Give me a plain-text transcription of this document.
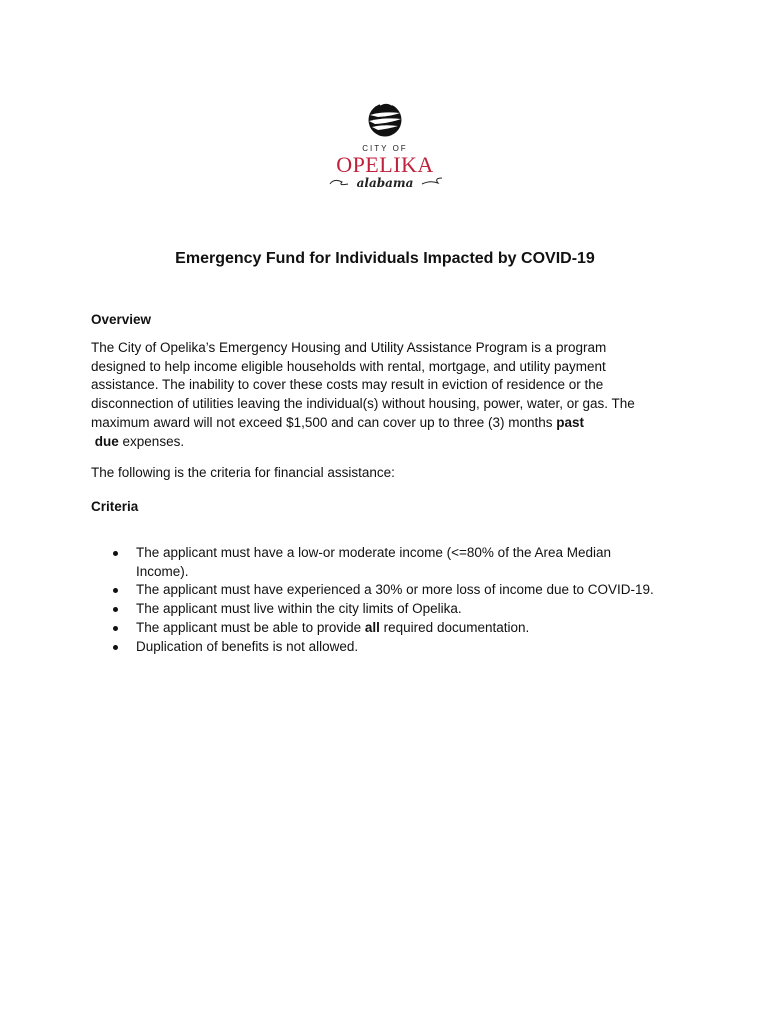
CITY OF
OPELIKA
alabama
Emergency Fund for Individuals Impacted by COVID-19
Overview

The City of Opelika’s Emergency Housing and Utility Assistance Program is a program designed to help income eligible households with rental, mortgage, and utility payment assistance. The inability to cover these costs may result in eviction of residence or the disconnection of utilities leaving the individual(s) without housing, power, water, or gas. The maximum award will not exceed $1,500 and can cover up to three (3) months past
due expenses.

The following is the criteria for financial assistance:

Criteria
The applicant must have a low-or moderate income (<=80% of the Area Median Income).
The applicant must have experienced a 30% or more loss of income due to COVID-19.
The applicant must live within the city limits of Opelika.
The applicant must be able to provide all required documentation.
Duplication of benefits is not allowed.
